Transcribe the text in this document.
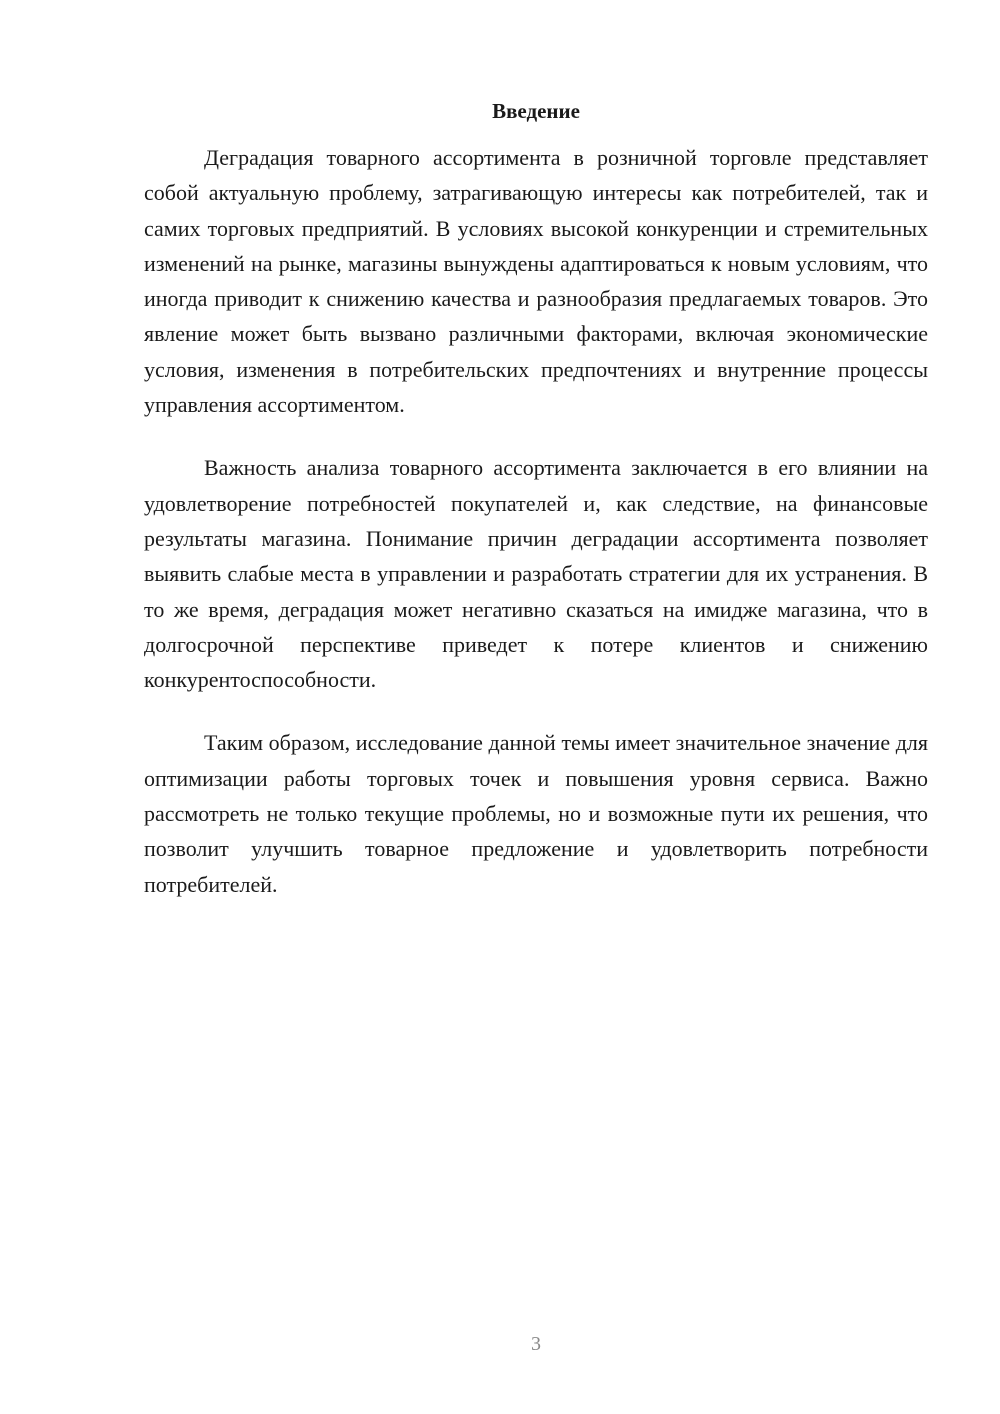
Введение

Деградация товарного ассортимента в розничной торговле представляет собой актуальную проблему, затрагивающую интересы как потребителей, так и самих торговых предприятий. В условиях высокой конкуренции и стремительных изменений на рынке, магазины вынуждены адаптироваться к новым условиям, что иногда приводит к снижению качества и разнообразия предлагаемых товаров. Это явление может быть вызвано различными факторами, включая экономические условия, изменения в потребительских предпочтениях и внутренние процессы управления ассортиментом.

Важность анализа товарного ассортимента заключается в его влиянии на удовлетворение потребностей покупателей и, как следствие, на финансовые результаты магазина. Понимание причин деградации ассортимента позволяет выявить слабые места в управлении и разработать стратегии для их устранения. В то же время, деградация может негативно сказаться на имидже магазина, что в долгосрочной перспективе приведет к потере клиентов и снижению конкурентоспособности.

Таким образом, исследование данной темы имеет значительное значение для оптимизации работы торговых точек и повышения уровня сервиса. Важно рассмотреть не только текущие проблемы, но и возможные пути их решения, что позволит улучшить товарное предложение и удовлетворить потребности потребителей.

3
